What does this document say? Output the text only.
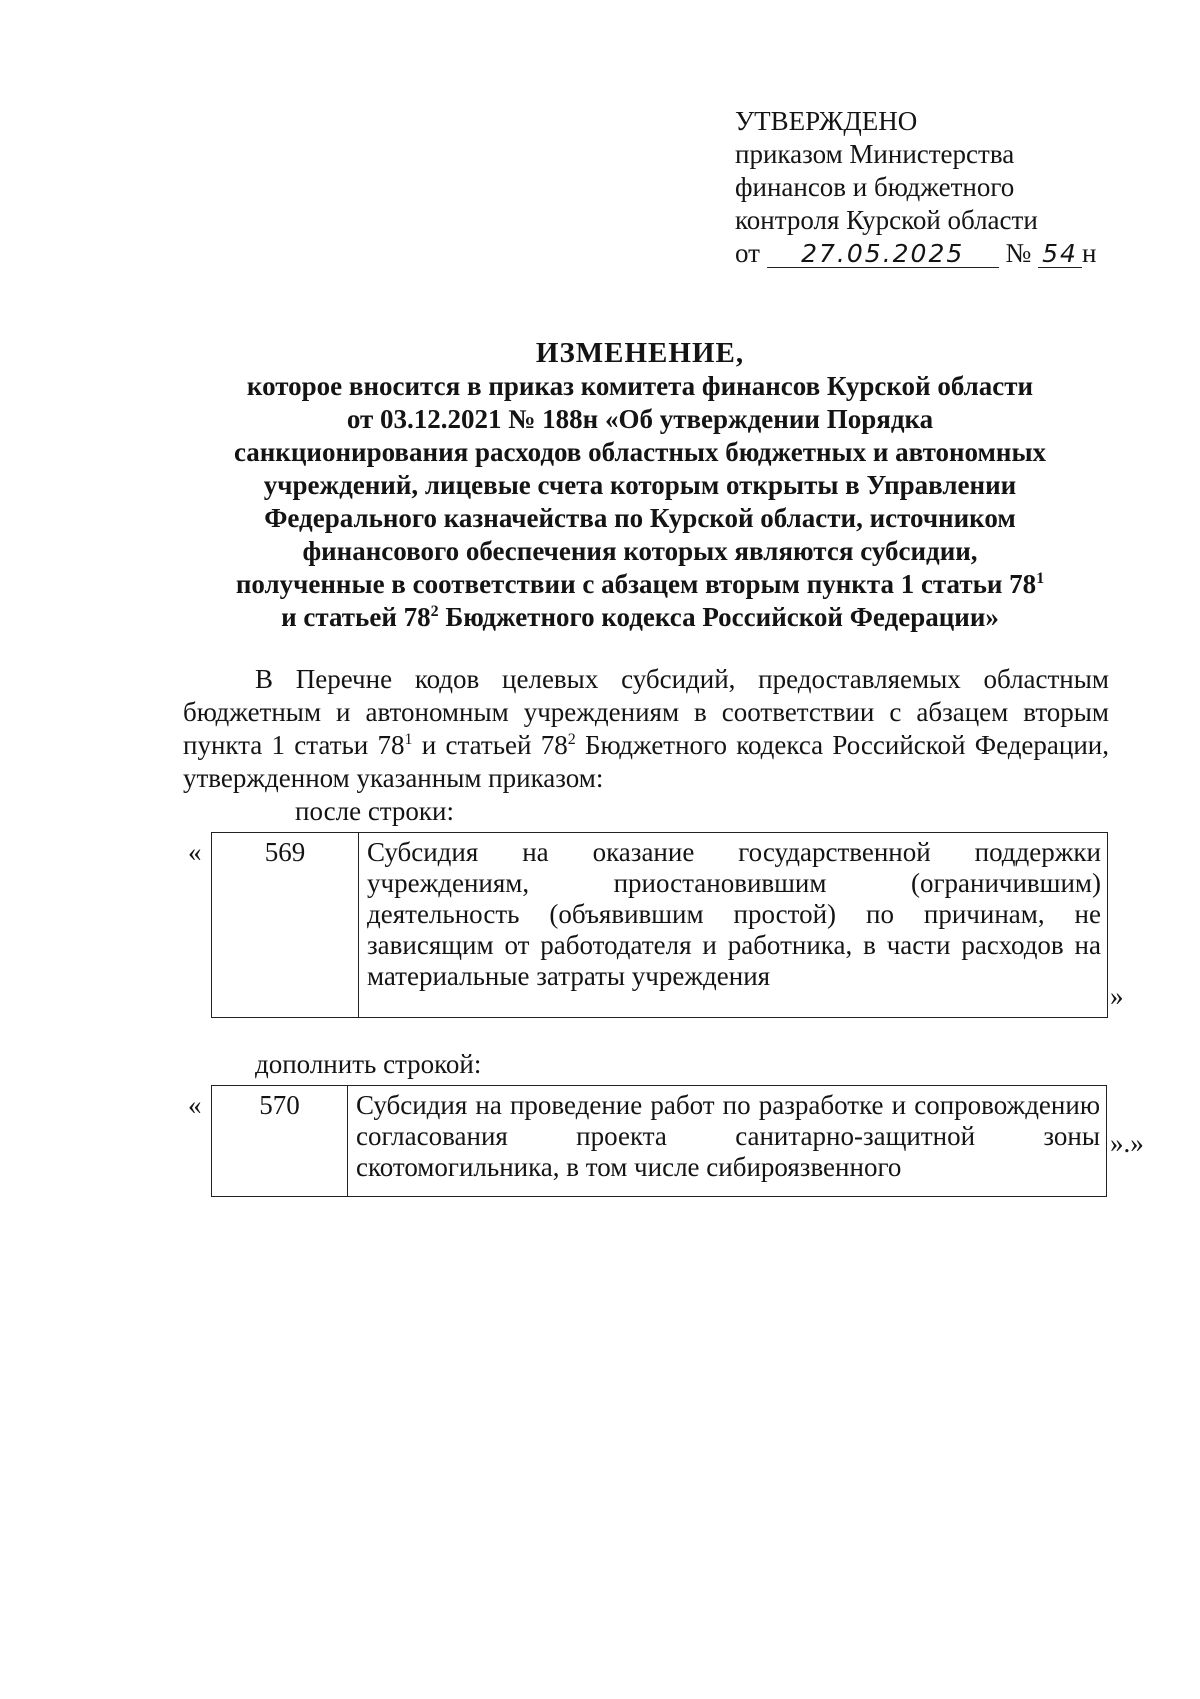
УТВЕРЖДЕНО
приказом Министерства
финансов и бюджетного
контроля Курской области
от 27.05.2025 № 54 н
ИЗМЕНЕНИЕ,
которое вносится в приказ комитета финансов Курской области
от 03.12.2021 № 188н «Об утверждении Порядка
санкционирования расходов областных бюджетных и автономных
учреждений, лицевые счета которым открыты в Управлении
Федерального казначейства по Курской области, источником
финансового обеспечения которых являются субсидии,
полученные в соответствии с абзацем вторым пункта 1 статьи $78^1$
и статьей $78^2$ Бюджетного кодекса Российской Федерации»
В Перечне кодов целевых субсидий, предоставляемых областным бюджетным и автономным учреждениям в соответствии с абзацем вторым пункта 1 статьи $78^1$ и статьей $78^2$ Бюджетного кодекса Российской Федерации, утвержденном указанным приказом:
после строки:
« 569	Субсидия на оказание государственной поддержки учреждениям, приостановившим (ограничившим) деятельность (объявившим простой) по причинам, не зависящим от работодателя и работника, в части расходов на материальные затраты учреждения
»
дополнить строкой:
« 570	Субсидия на проведение работ по разработке и сопровождению согласования проекта санитарно-защитной зоны скотомогильника, в том числе сибироязвенного
».»
